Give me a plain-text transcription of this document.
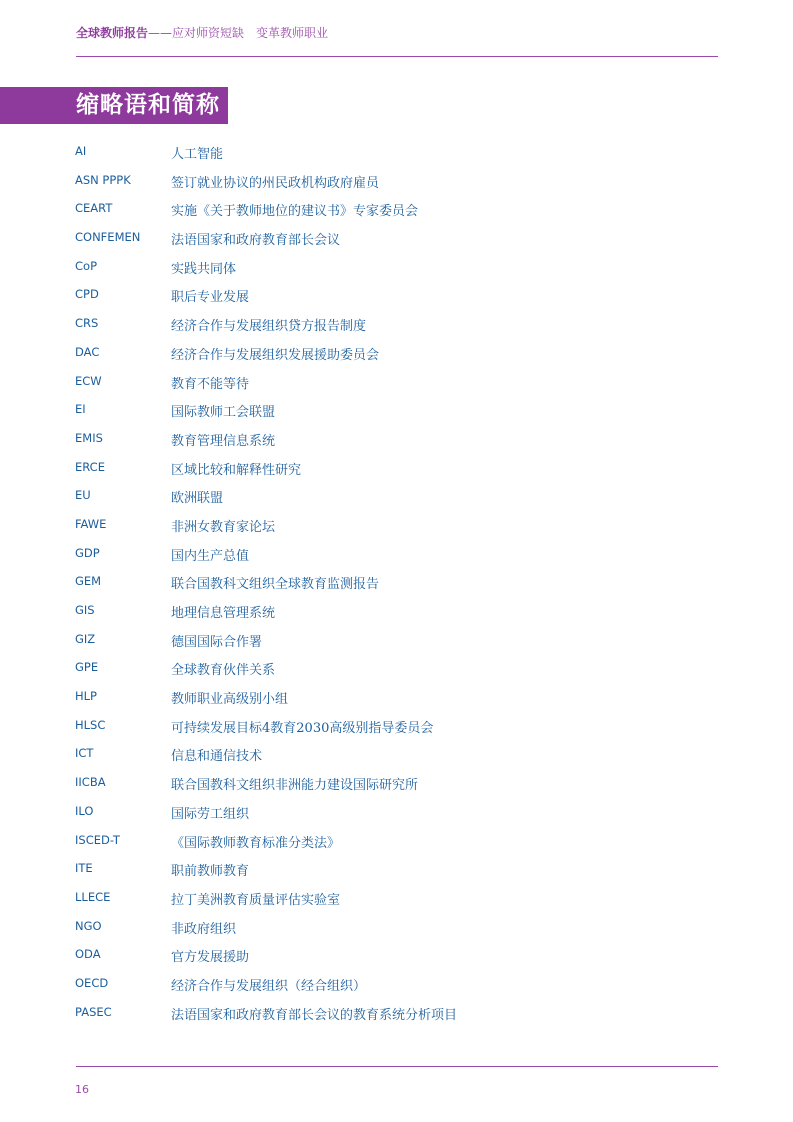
全球教师报告——应对师资短缺　变革教师职业
缩略语和简称
AI	人工智能
ASN PPPK	签订就业协议的州民政机构政府雇员
CEART	实施《关于教师地位的建议书》专家委员会
CONFEMEN 法语国家和政府教育部长会议
CoP	实践共同体
CPD	职后专业发展
CRS	经济合作与发展组织贷方报告制度
DAC	经济合作与发展组织发展援助委员会
ECW	教育不能等待
EI	国际教师工会联盟
EMIS	教育管理信息系统
ERCE	区域比较和解释性研究
EU	欧洲联盟
FAWE	非洲女教育家论坛
GDP	国内生产总值
GEM	联合国教科文组织全球教育监测报告
GIS	地理信息管理系统
GIZ	德国国际合作署
GPE	全球教育伙伴关系
HLP	教师职业高级别小组
HLSC	可持续发展目标4教育2030高级别指导委员会
ICT	信息和通信技术
IICBA	联合国教科文组织非洲能力建设国际研究所
ILO	国际劳工组织
ISCED-T	《国际教师教育标准分类法》
ITE	职前教师教育
LLECE	拉丁美洲教育质量评估实验室
NGO	非政府组织
ODA	官方发展援助
OECD	经济合作与发展组织（经合组织）
PASEC	法语国家和政府教育部长会议的教育系统分析项目
16
